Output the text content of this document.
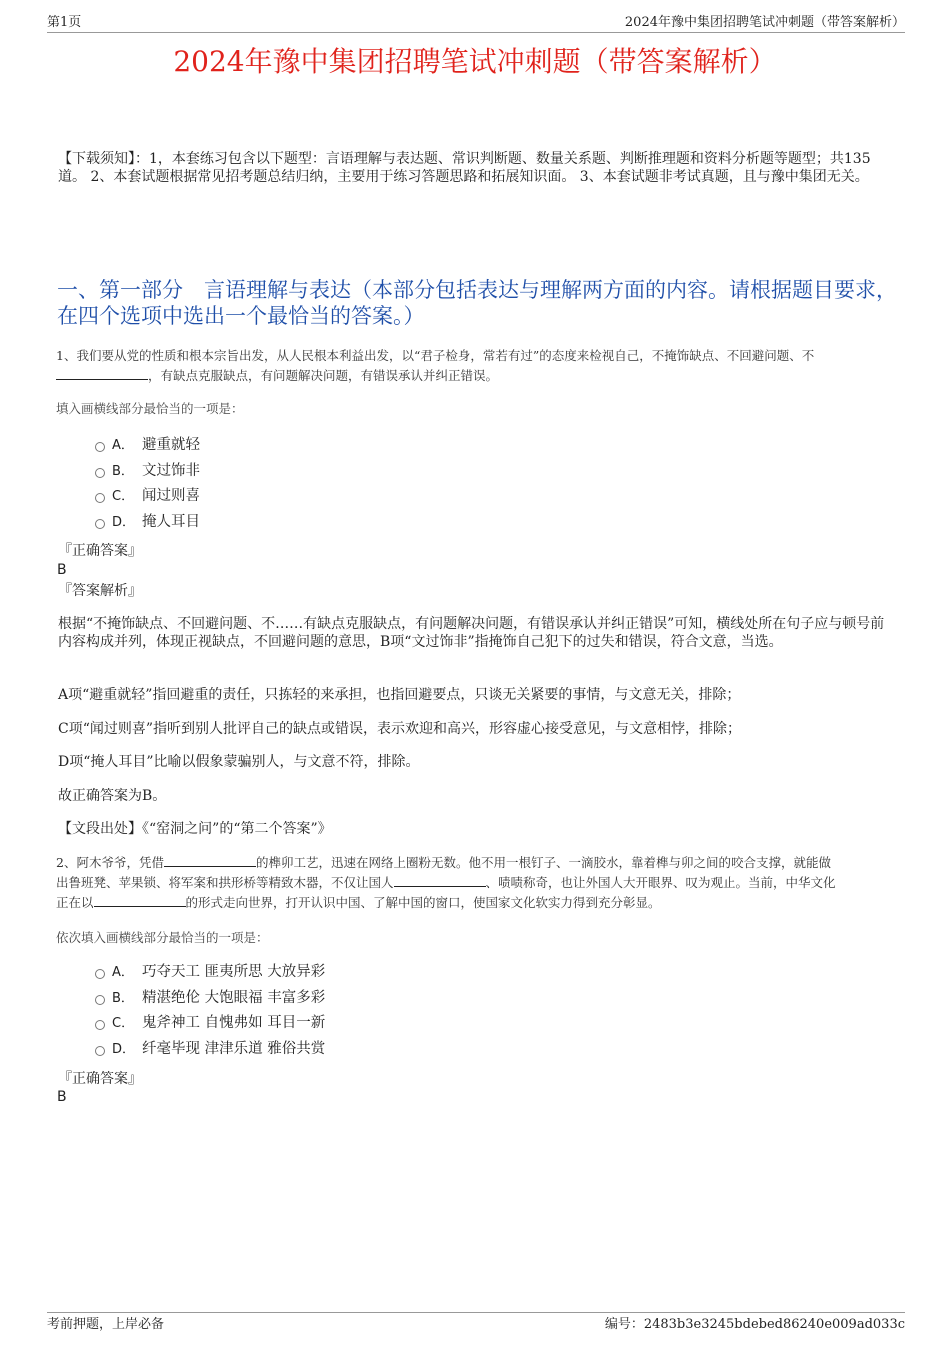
第1页	2024年豫中集团招聘笔试冲刺题（带答案解析）
2024年豫中集团招聘笔试冲刺题（带答案解析）
【下载须知】：1，本套练习包含以下题型：言语理解与表达题、常识判断题、数量关系题、判断推理题和资料分析题等题型；共135道。 2、本套试题根据常见招考题总结归纳，主要用于练习答题思路和拓展知识面。 3、本套试题非考试真题，且与豫中集团无关。
一、第一部分　言语理解与表达（本部分包括表达与理解两方面的内容。请根据题目要求，在四个选项中选出一个最恰当的答案。）
1、我们要从党的性质和根本宗旨出发，从人民根本利益出发，以“君子检身，常若有过”的态度来检视自己，不掩饰缺点、不回避问题、不
，有缺点克服缺点，有问题解决问题，有错误承认并纠正错误。
填入画横线部分最恰当的一项是：
A． 避重就轻
B． 文过饰非
C． 闻过则喜
D． 掩人耳目
『正确答案』
B
『答案解析』
根据“不掩饰缺点、不回避问题、不……有缺点克服缺点，有问题解决问题，有错误承认并纠正错误”可知，横线处所在句子应与顿号前内容构成并列，体现正视缺点，不回避问题的意思，B项“文过饰非”指掩饰自己犯下的过失和错误，符合文意，当选。
A项“避重就轻”指回避重的责任，只拣轻的来承担，也指回避要点，只谈无关紧要的事情，与文意无关，排除；
C项“闻过则喜”指听到别人批评自己的缺点或错误，表示欢迎和高兴，形容虚心接受意见，与文意相悖，排除；
D项“掩人耳目”比喻以假象蒙骗别人，与文意不符，排除。
故正确答案为B。
【文段出处】《“窑洞之问”的“第二个答案”》
2、阿木爷爷，凭借	的榫卯工艺，迅速在网络上圈粉无数。他不用一根钉子、一滴胶水，靠着榫与卯之间的咬合支撑，就能做
出鲁班凳、苹果锁、将军案和拱形桥等精致木器，不仅让国人	、啧啧称奇，也让外国人大开眼界、叹为观止。当前，中华文化
正在以	的形式走向世界，打开认识中国、了解中国的窗口，使国家文化软实力得到充分彰显。
依次填入画横线部分最恰当的一项是：
A． 巧夺天工 匪夷所思 大放异彩
B． 精湛绝伦 大饱眼福 丰富多彩
C． 鬼斧神工 自愧弗如 耳目一新
D． 纤毫毕现 津津乐道 雅俗共赏
『正确答案』
B
考前押题，上岸必备	编号：2483b3e3245bdebed86240e009ad033c
